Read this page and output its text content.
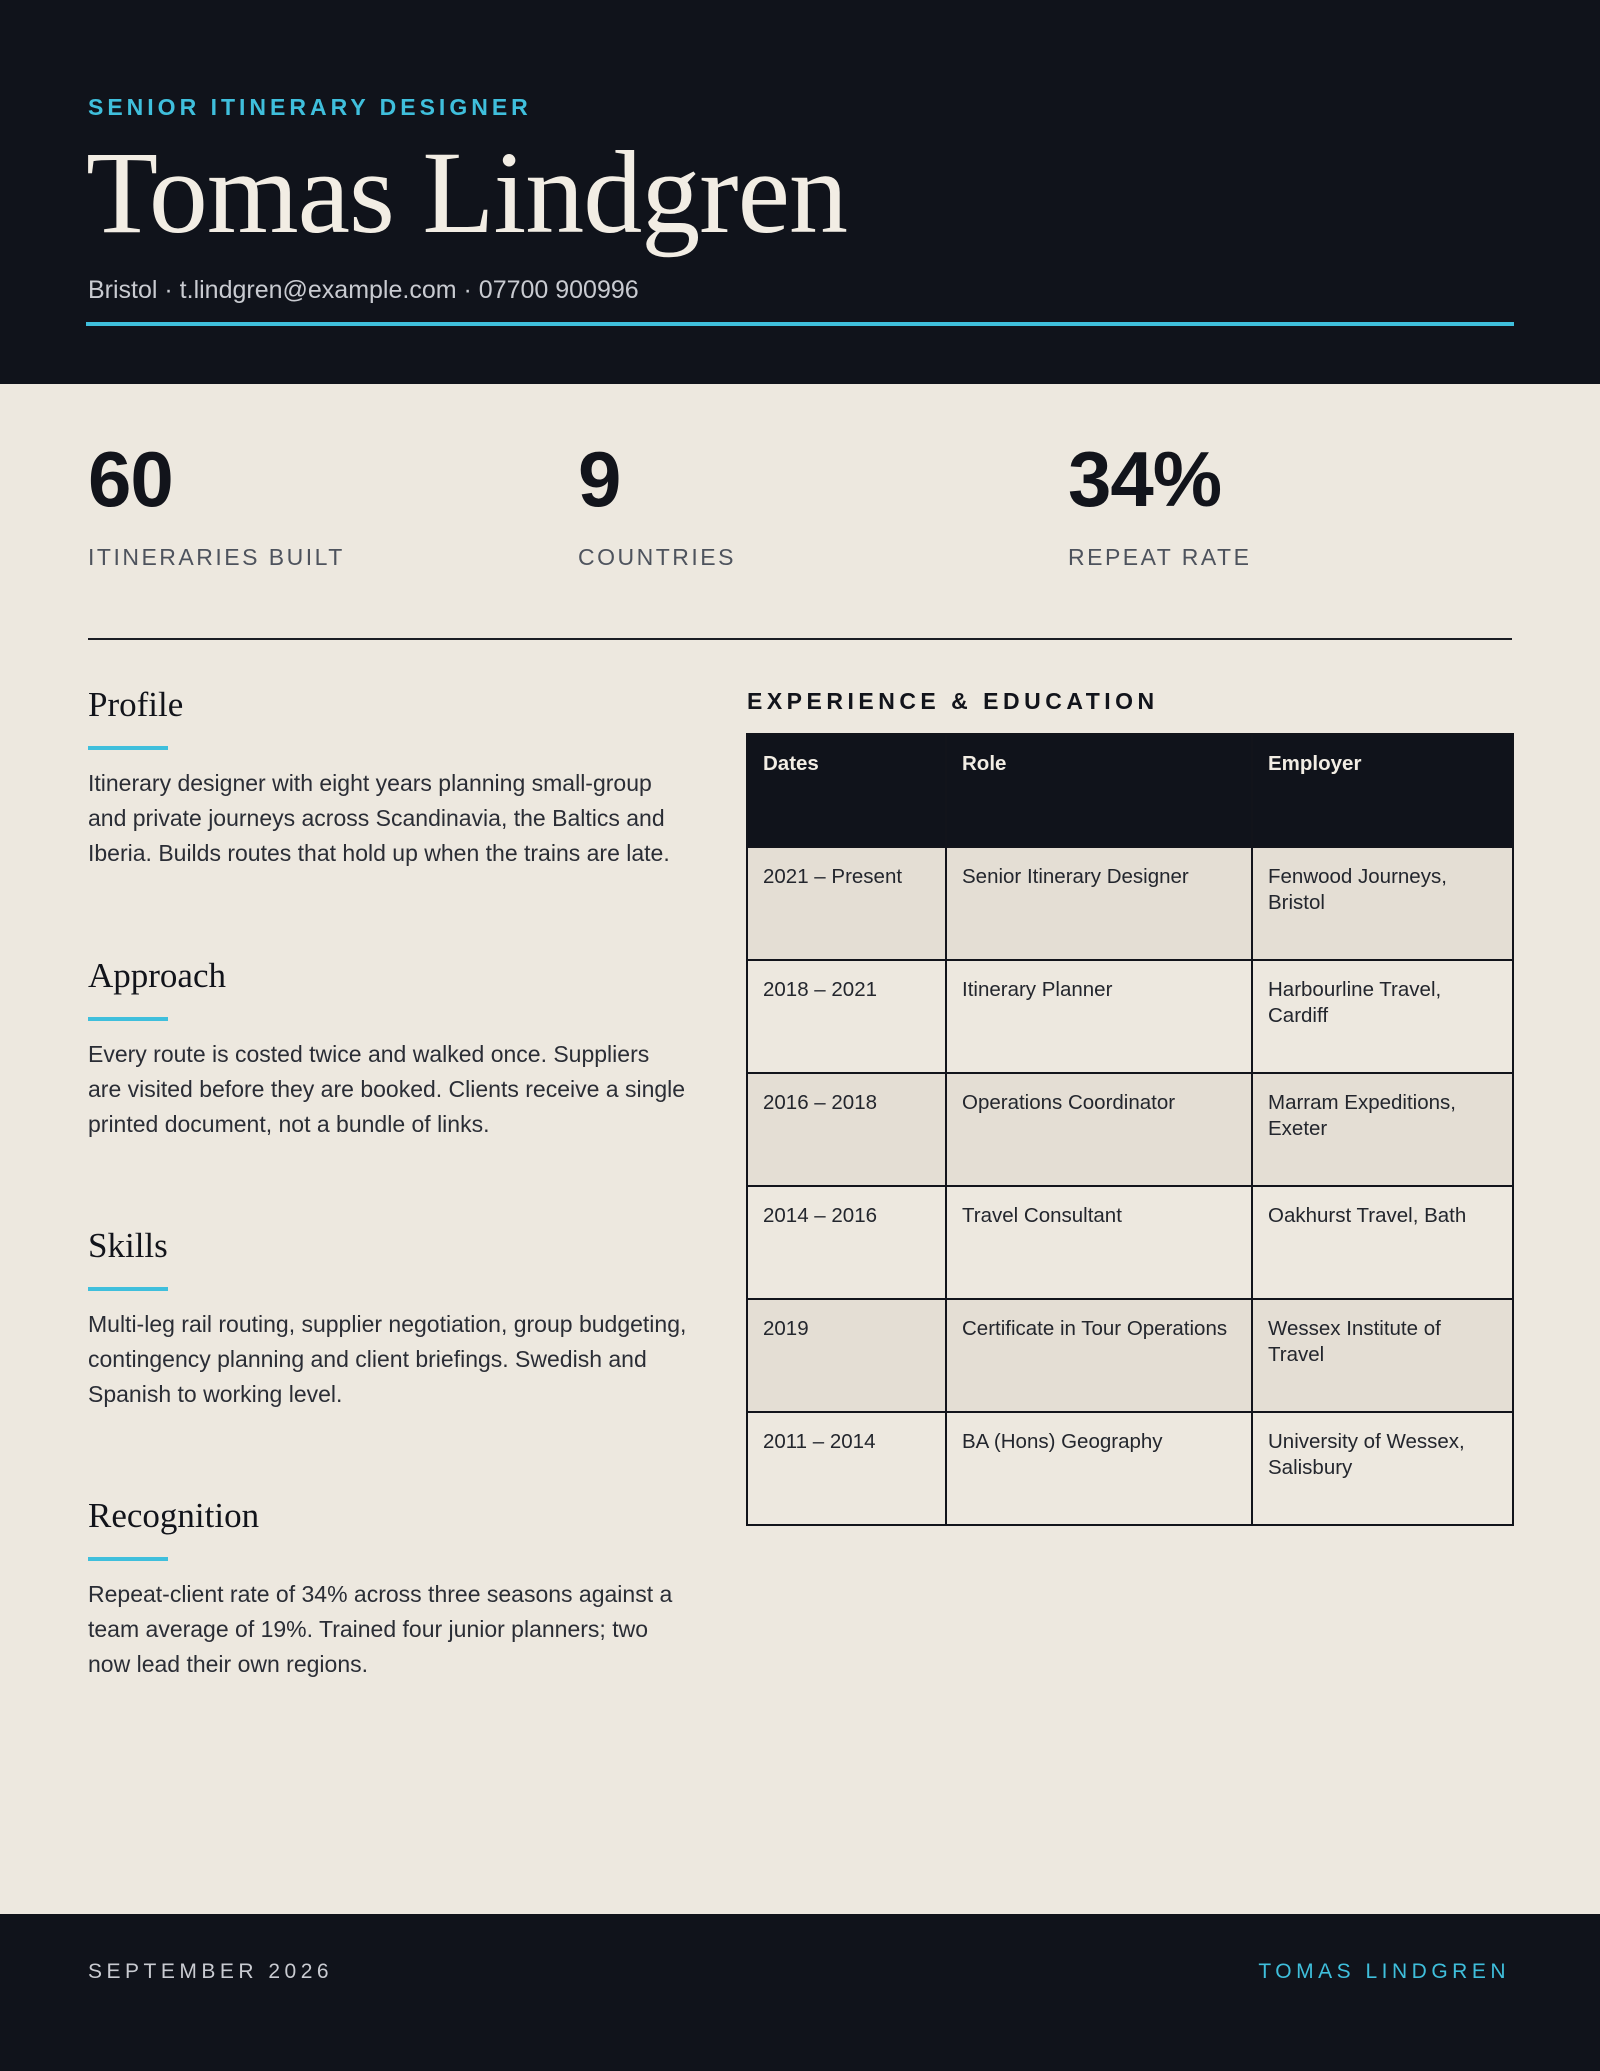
SENIOR ITINERARY DESIGNER
Tomas Lindgren
Bristol · t.lindgren@example.com · 07700 900996
60
ITINERARIES BUILT
9
COUNTRIES
34%
REPEAT RATE
Profile
Itinerary designer with eight years planning small-group and private journeys across Scandinavia, the Baltics and Iberia. Builds routes that hold up when the trains are late.
Approach
Every route is costed twice and walked once. Suppliers are visited before they are booked. Clients receive a single printed document, not a bundle of links.
Skills
Multi-leg rail routing, supplier negotiation, group budgeting, contingency planning and client briefings. Swedish and Spanish to working level.
Recognition
Repeat-client rate of 34% across three seasons against a team average of 19%. Trained four junior planners; two now lead their own regions.
EXPERIENCE & EDUCATION
Dates	Role	Employer
2021 – Present	Senior Itinerary Designer	Fenwood Journeys, Bristol
2018 – 2021	Itinerary Planner	Harbourline Travel, Cardiff
2016 – 2018	Operations Coordinator	Marram Expeditions, Exeter
2014 – 2016	Travel Consultant	Oakhurst Travel, Bath
2019	Certificate in Tour Operations	Wessex Institute of Travel
2011 – 2014	BA (Hons) Geography	University of Wessex, Salisbury
SEPTEMBER 2026	TOMAS LINDGREN
